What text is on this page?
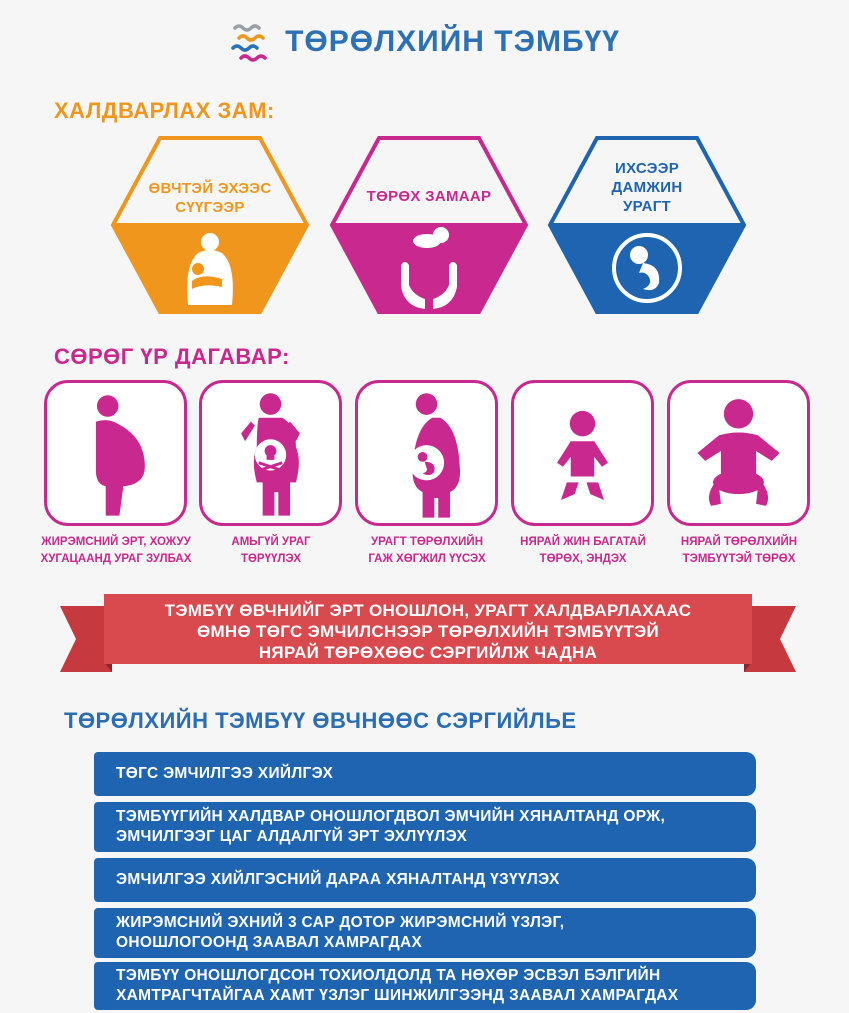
ТӨРӨЛХИЙН ТЭМБҮҮ
ХАЛДВАРЛАХ ЗАМ:
ӨВЧТЭЙ ЭХЭЭС
СҮҮГЭЭР
ТӨРӨХ ЗАМААР
ИХСЭЭР
ДАМЖИН
УРАГТ
СӨРӨГ ҮР ДАГАВАР:
ЖИРЭМСНИЙ ЭРТ, ХОЖУУ
ХУГАЦААНД УРАГ ЗУЛБАХ
АМЬГҮЙ УРАГ
ТӨРҮҮЛЭХ
УРАГТ ТӨРӨЛХИЙН
ГАЖ ХӨГЖИЛ ҮҮСЭХ
НЯРАЙ ЖИН БАГАТАЙ
ТӨРӨХ, ЭНДЭХ
НЯРАЙ ТӨРӨЛХИЙН
ТЭМБҮҮТЭЙ ТӨРӨХ
ТЭМБҮҮ ӨВЧНИЙГ ЭРТ ОНОШЛОН, УРАГТ ХАЛДВАРЛАХААС
ӨМНӨ ТӨГС ЭМЧИЛСНЭЭР ТӨРӨЛХИЙН ТЭМБҮҮТЭЙ
НЯРАЙ ТӨРӨХӨӨС СЭРГИЙЛЖ ЧАДНА
ТӨРӨЛХИЙН ТЭМБҮҮ ӨВЧНӨӨС СЭРГИЙЛЬЕ
ТӨГС ЭМЧИЛГЭЭ ХИЙЛГЭХ
ТЭМБҮҮГИЙН ХАЛДВАР ОНОШЛОГДВОЛ ЭМЧИЙН ХЯНАЛТАНД ОРЖ,
ЭМЧИЛГЭЭГ ЦАГ АЛДАЛГҮЙ ЭРТ ЭХЛҮҮЛЭХ
ЭМЧИЛГЭЭ ХИЙЛГЭСНИЙ ДАРАА ХЯНАЛТАНД ҮЗҮҮЛЭХ
ЖИРЭМСНИЙ ЭХНИЙ 3 САР ДОТОР ЖИРЭМСНИЙ ҮЗЛЭГ,
ОНОШЛОГООНД ЗААВАЛ ХАМРАГДАХ
ТЭМБҮҮ ОНОШЛОГДСОН ТОХИОЛДОЛД ТА НӨХӨР ЭСВЭЛ БЭЛГИЙН
ХАМТРАГЧТАЙГАА ХАМТ ҮЗЛЭГ ШИНЖИЛГЭЭНД ЗААВАЛ ХАМРАГДАХ
